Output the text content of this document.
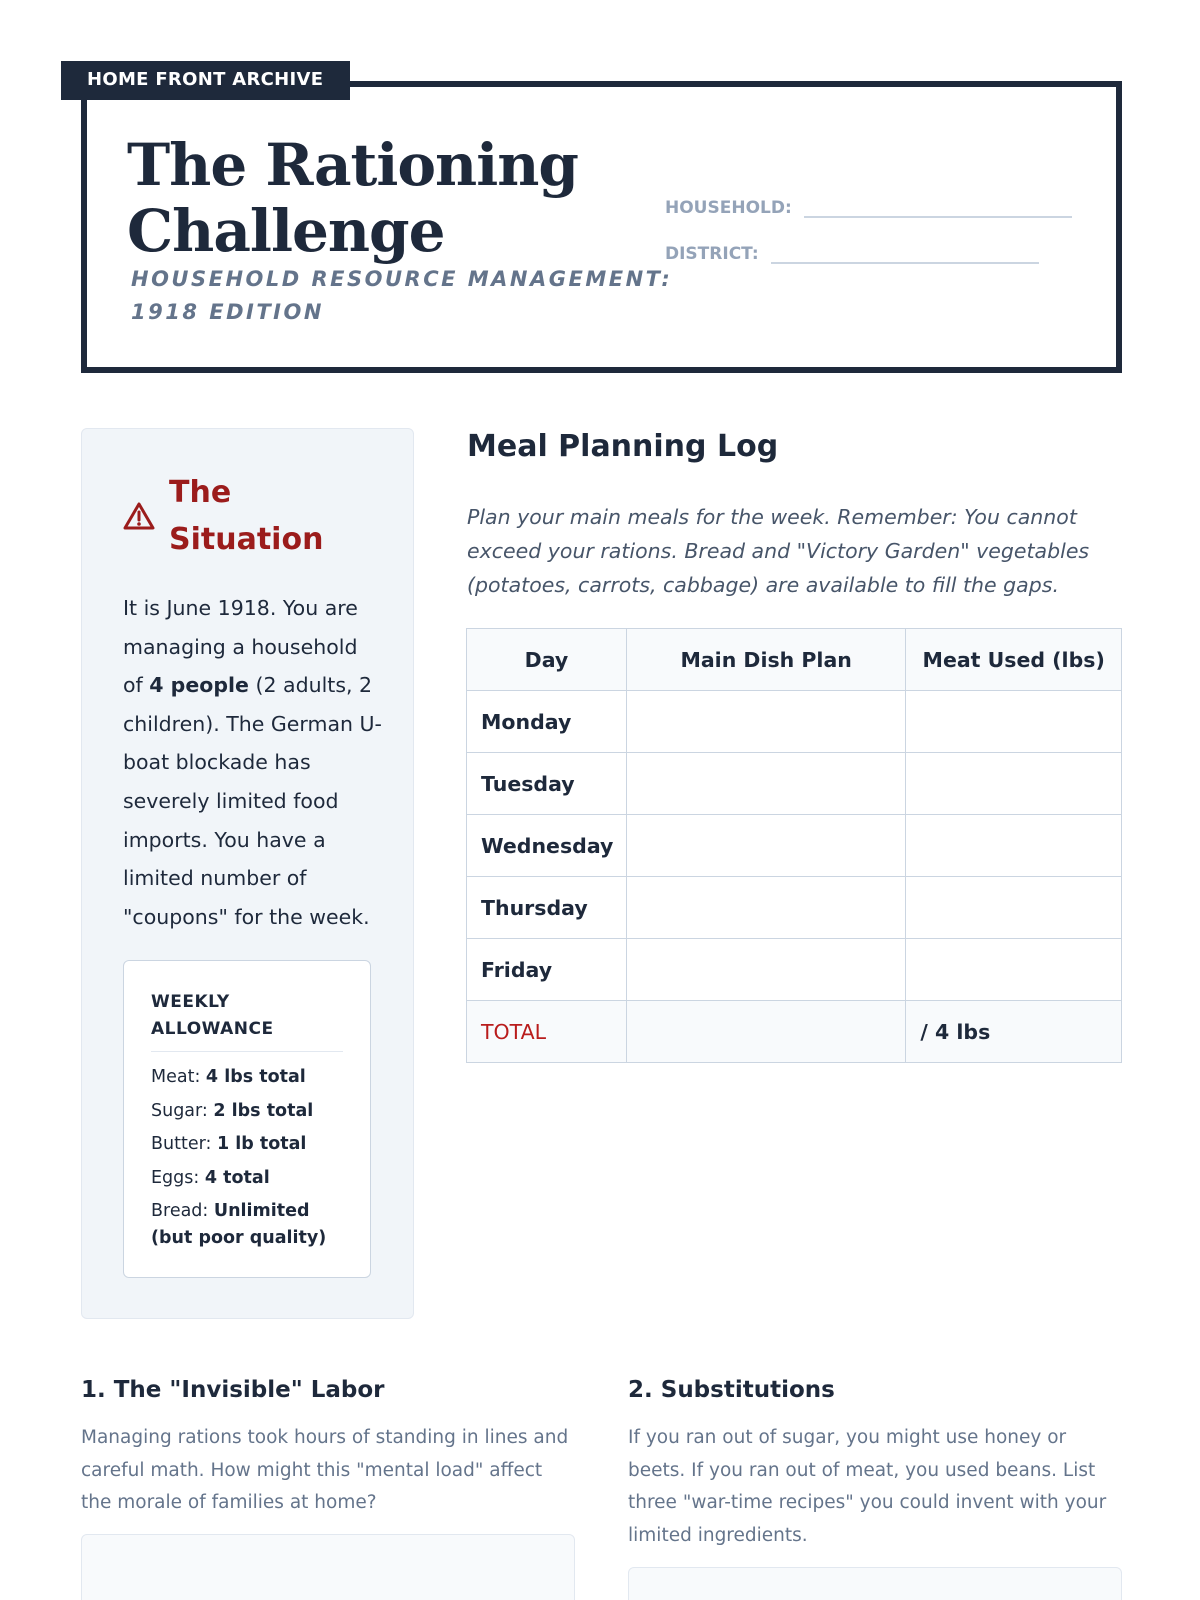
HOME FRONT ARCHIVE
The Rationing
Challenge
HOUSEHOLD RESOURCE MANAGEMENT: 1918 EDITION
HOUSEHOLD:
DISTRICT:
The
Situation
It is June 1918. You are managing a household of 4 people (2 adults, 2 children). The German U-boat blockade has severely limited food imports. You have a limited number of "coupons" for the week.
WEEKLY ALLOWANCE
Meat: 4 lbs total
Sugar: 2 lbs total
Butter: 1 lb total
Eggs: 4 total
Bread: Unlimited (but poor quality)
Meal Planning Log
Plan your main meals for the week. Remember: You cannot exceed your rations. Bread and "Victory Garden" vegetables (potatoes, carrots, cabbage) are available to fill the gaps.
Day	Main Dish Plan	Meat Used (lbs)
Monday		
Tuesday		
Wednesday		
Thursday		
Friday		
TOTAL		/ 4 lbs
1. The "Invisible" Labor
Managing rations took hours of standing in lines and careful math. How might this "mental load" affect the morale of families at home?
2. Substitutions
If you ran out of sugar, you might use honey or beets. If you ran out of meat, you used beans. List three "war-time recipes" you could invent with your limited ingredients.
